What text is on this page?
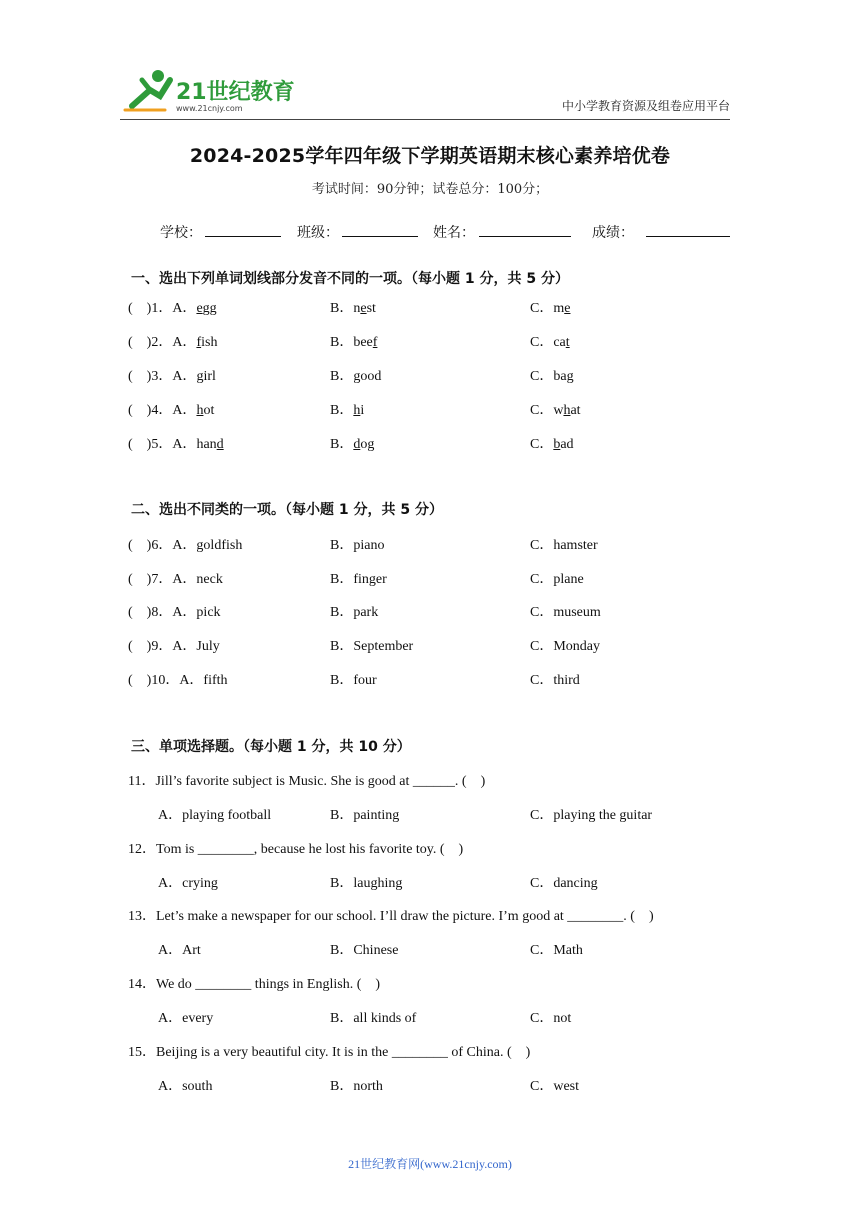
21世纪教育
www.21cnjy.com	中小学教育资源及组卷应用平台
2024-2025学年四年级下学期英语期末核心素养培优卷
考试时间：90分钟；试卷总分：100分；
学校：	班级：	姓名：	成绩：
一、选出下列单词划线部分发音不同的一项。（每小题 1 分，共 5 分）
(　)1．A．egg	B．nest	C．me
(　)2．A．fish	B．beef	C．cat
(　)3．A．girl	B．good	C．bag
(　)4．A．hot	B．hi	C．what
(　)5．A．hand	B．dog	C．bad
二、选出不同类的一项。（每小题 1 分，共 5 分）
(　)6．A．goldfish	B．piano	C．hamster
(　)7．A．neck	B．finger	C．plane
(　)8．A．pick	B．park	C．museum
(　)9．A．July	B．September	C．Monday
(　)10．A．fifth	B．four	C．third
三、单项选择题。（每小题 1 分，共 10 分）
11．Jill’s favorite subject is Music. She is good at ______. (　)
A．playing football	B．painting	C．playing the guitar
12．Tom is ________, because he lost his favorite toy. (　)
A．crying	B．laughing	C．dancing
13．Let’s make a newspaper for our school. I’ll draw the picture. I’m good at ________. (　)
A．Art	B．Chinese	C．Math
14．We do ________ things in English. (　)
A．every	B．all kinds of	C．not
15．Beijing is a very beautiful city. It is in the ________ of China. (　)
A．south	B．north	C．west
21世纪教育网(www.21cnjy.com)
